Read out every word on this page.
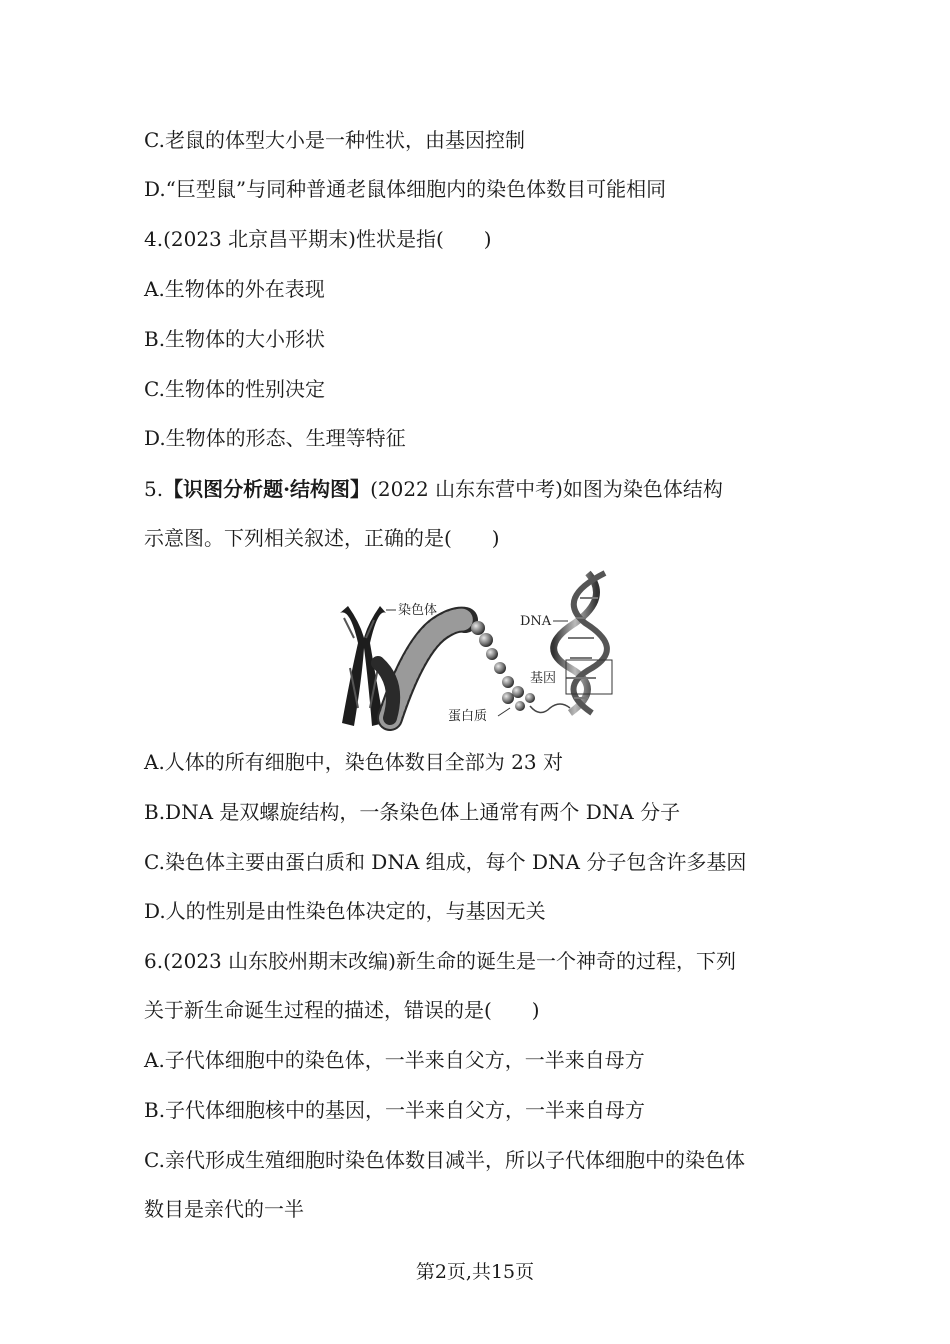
C.老鼠的体型大小是一种性状，由基因控制
D.“巨型鼠”与同种普通老鼠体细胞内的染色体数目可能相同
4.(2023 北京昌平期末)性状是指(　　)
A.生物体的外在表现
B.生物体的大小形状
C.生物体的性别决定
D.生物体的形态、生理等特征
5.【识图分析题·结构图】(2022 山东东营中考)如图为染色体结构
示意图。下列相关叙述，正确的是(　　)
染色体
蛋白质
DNA
基因
A.人体的所有细胞中，染色体数目全部为 23 对
B.DNA 是双螺旋结构，一条染色体上通常有两个 DNA 分子
C.染色体主要由蛋白质和 DNA 组成，每个 DNA 分子包含许多基因
D.人的性别是由性染色体决定的，与基因无关
6.(2023 山东胶州期末改编)新生命的诞生是一个神奇的过程，下列
关于新生命诞生过程的描述，错误的是(　　)
A.子代体细胞中的染色体，一半来自父方，一半来自母方
B.子代体细胞核中的基因，一半来自父方，一半来自母方
C.亲代形成生殖细胞时染色体数目减半，所以子代体细胞中的染色体
数目是亲代的一半
第2页,共15页
